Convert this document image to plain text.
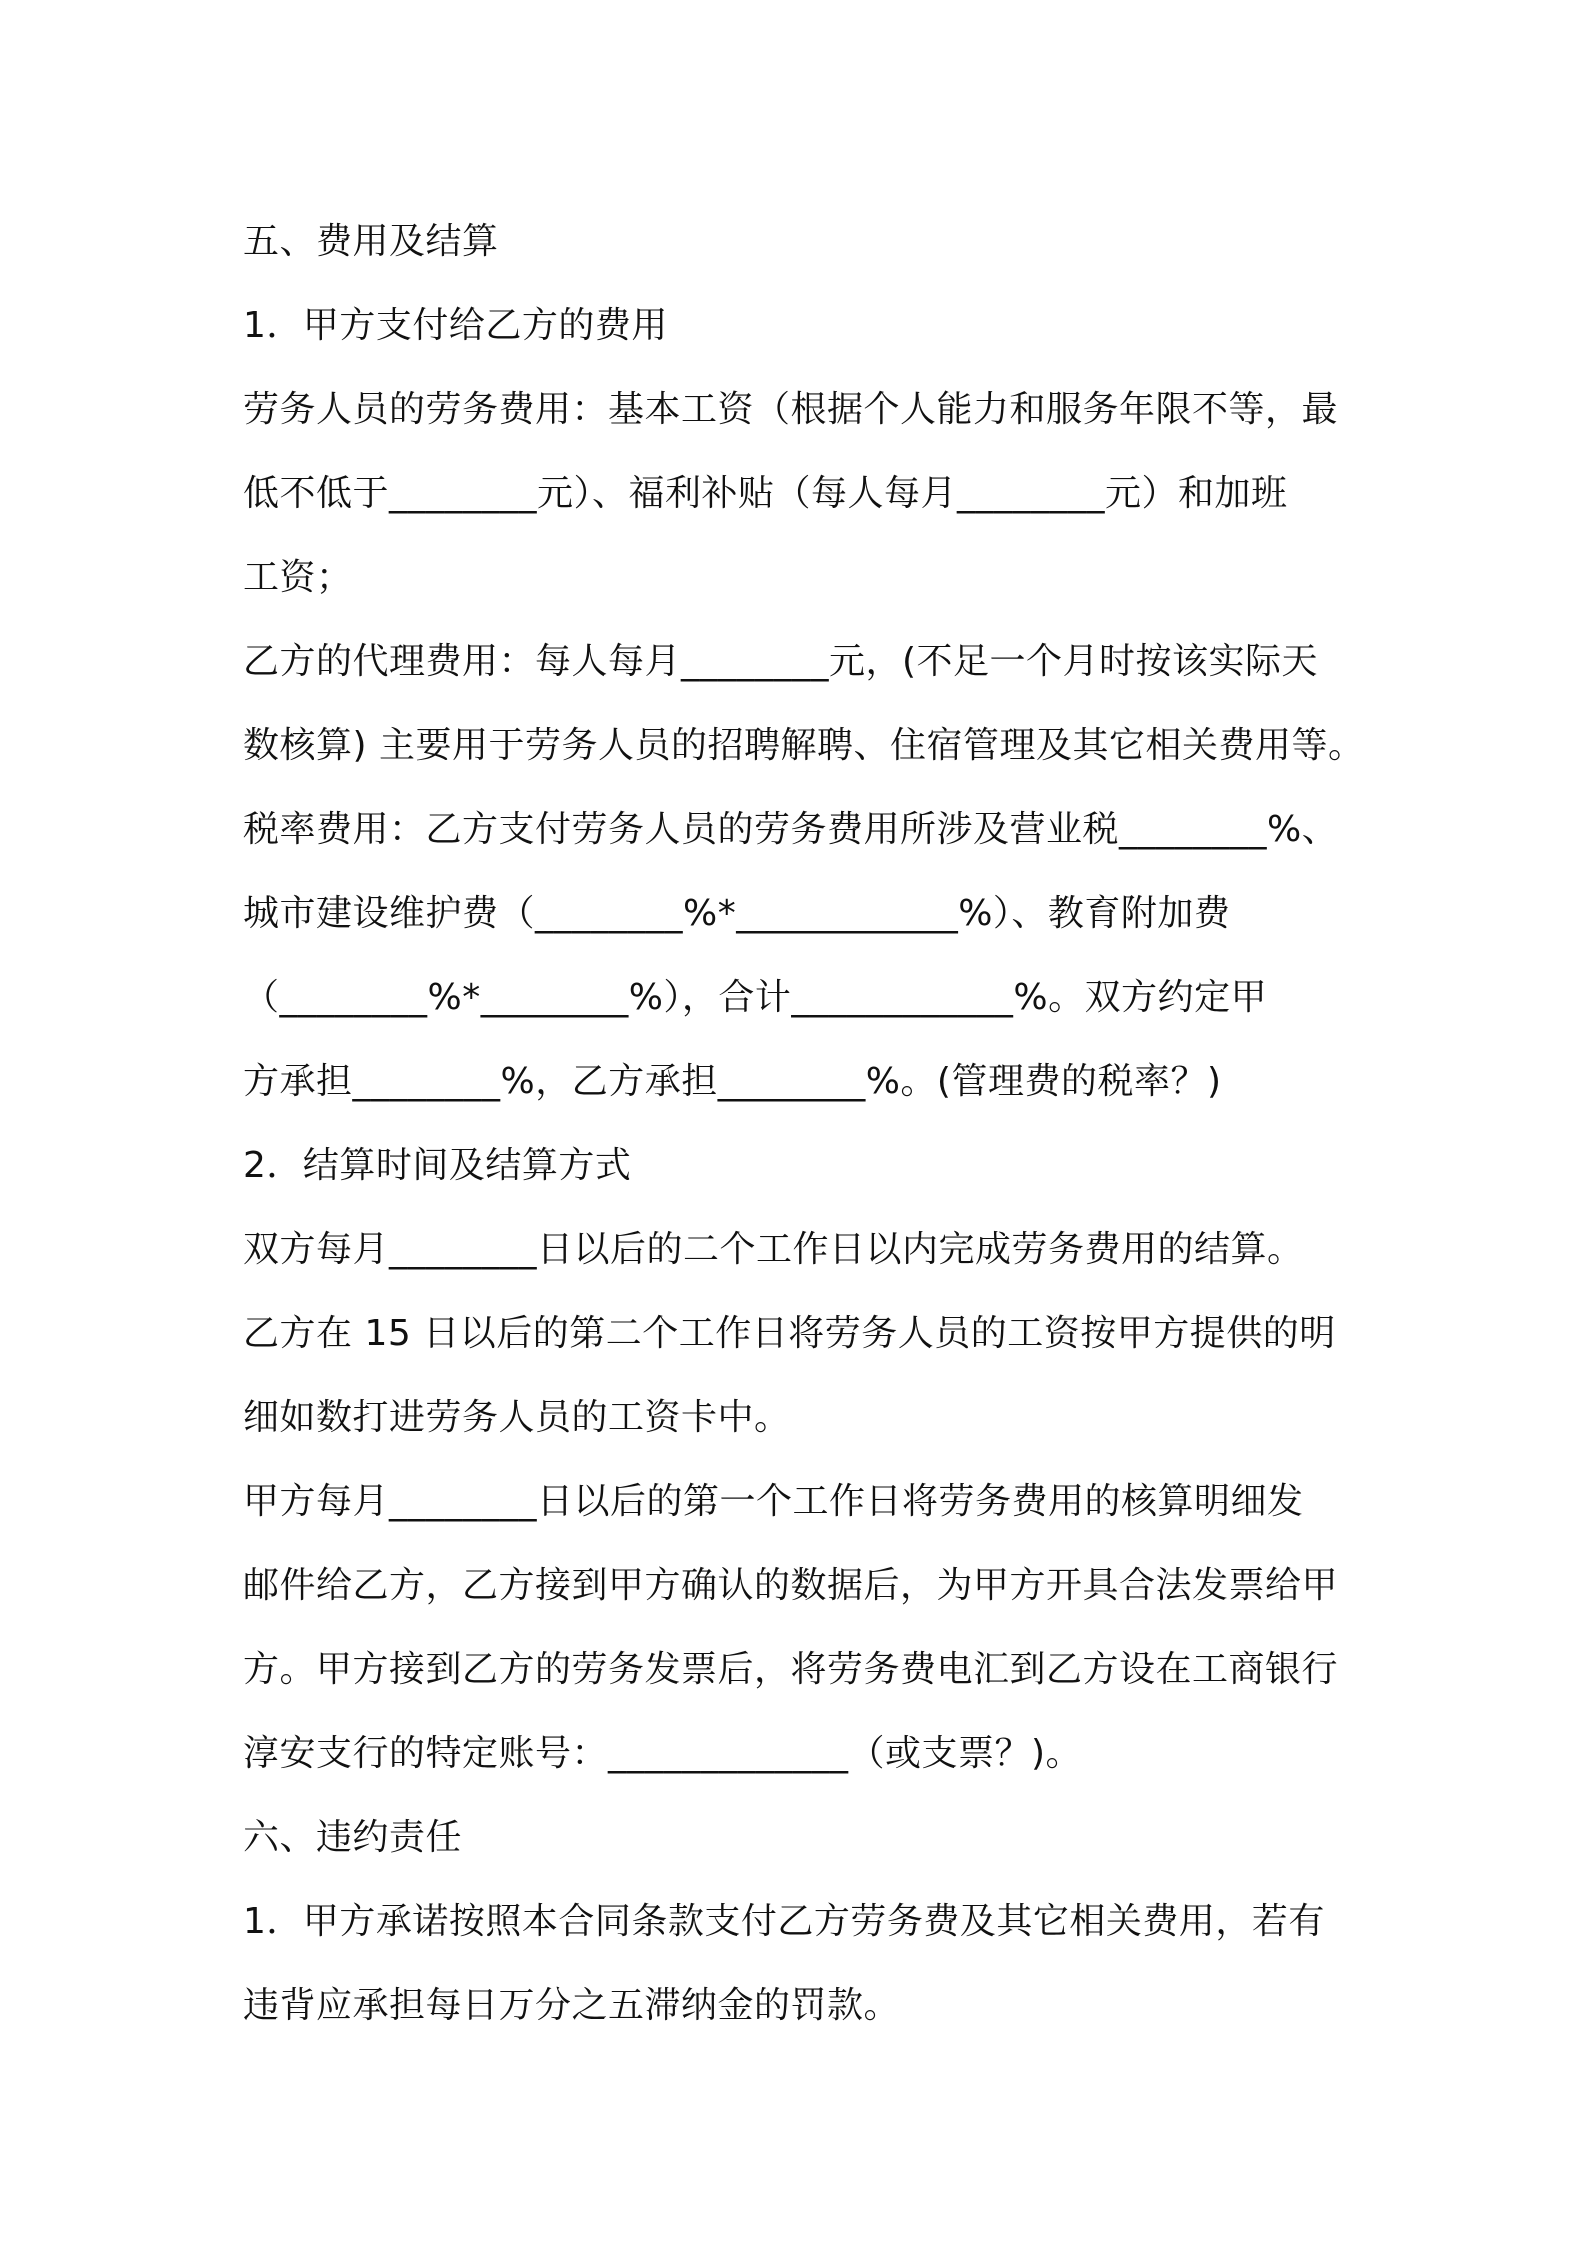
五、费用及结算
1．甲方支付给乙方的费用
劳务人员的劳务费用：基本工资（根据个人能力和服务年限不等，最
低不低于________元）、福利补贴（每人每月________元）和加班
工资；
乙方的代理费用：每人每月________元，(不足一个月时按该实际天
数核算) 主要用于劳务人员的招聘解聘、住宿管理及其它相关费用等。
税率费用：乙方支付劳务人员的劳务费用所涉及营业税________%、
城市建设维护费（________%*____________%）、教育附加费
（________%*________%），合计____________%。双方约定甲
方承担________%，乙方承担________%。(管理费的税率？)
2．结算时间及结算方式
双方每月________日以后的二个工作日以内完成劳务费用的结算。
乙方在 15 日以后的第二个工作日将劳务人员的工资按甲方提供的明
细如数打进劳务人员的工资卡中。
甲方每月________日以后的第一个工作日将劳务费用的核算明细发
邮件给乙方，乙方接到甲方确认的数据后，为甲方开具合法发票给甲
方。甲方接到乙方的劳务发票后，将劳务费电汇到乙方设在工商银行
淳安支行的特定账号：_____________（或支票？)。
六、违约责任
1．甲方承诺按照本合同条款支付乙方劳务费及其它相关费用，若有
违背应承担每日万分之五滞纳金的罚款。
